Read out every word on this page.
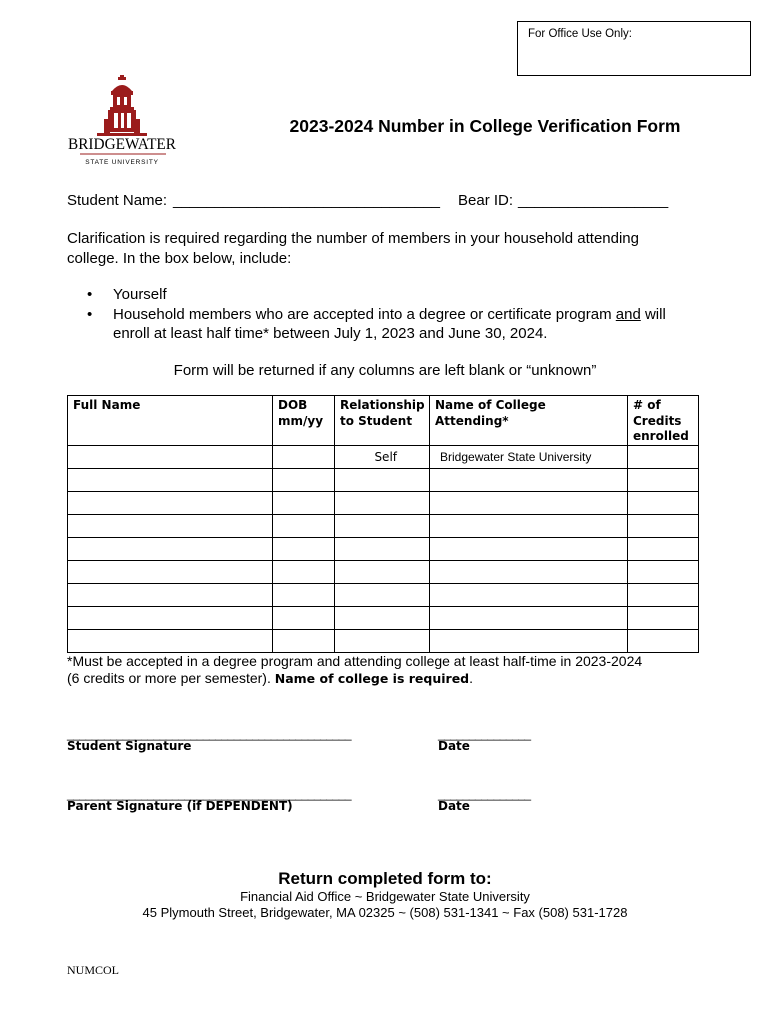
For Office Use Only:
BRIDGEWATER
STATE UNIVERSITY
2023-2024 Number in College Verification Form
Student Name: ________________________________ Bear ID: __________________
Clarification is required regarding the number of members in your household attending college. In the box below, include:
• Yourself
• Household members who are accepted into a degree or certificate program and will enroll at least half time* between July 1, 2023 and June 30, 2024.
Form will be returned if any columns are left blank or “unknown”
Full Name	DOB mm/yy	Relationship to Student	Name of College Attending*	# of Credits enrolled
		Self	Bridgewater State University	

*Must be accepted in a degree program and attending college at least half-time in 2023-2024
(6 credits or more per semester). Name of college is required.
______________________________________________
Student Signature
_______________
Date
______________________________________________
Parent Signature (if DEPENDENT)
_______________
Date
Return completed form to:
Financial Aid Office ~ Bridgewater State University
45 Plymouth Street, Bridgewater, MA 02325 ~ (508) 531-1341 ~ Fax (508) 531-1728
NUMCOL
